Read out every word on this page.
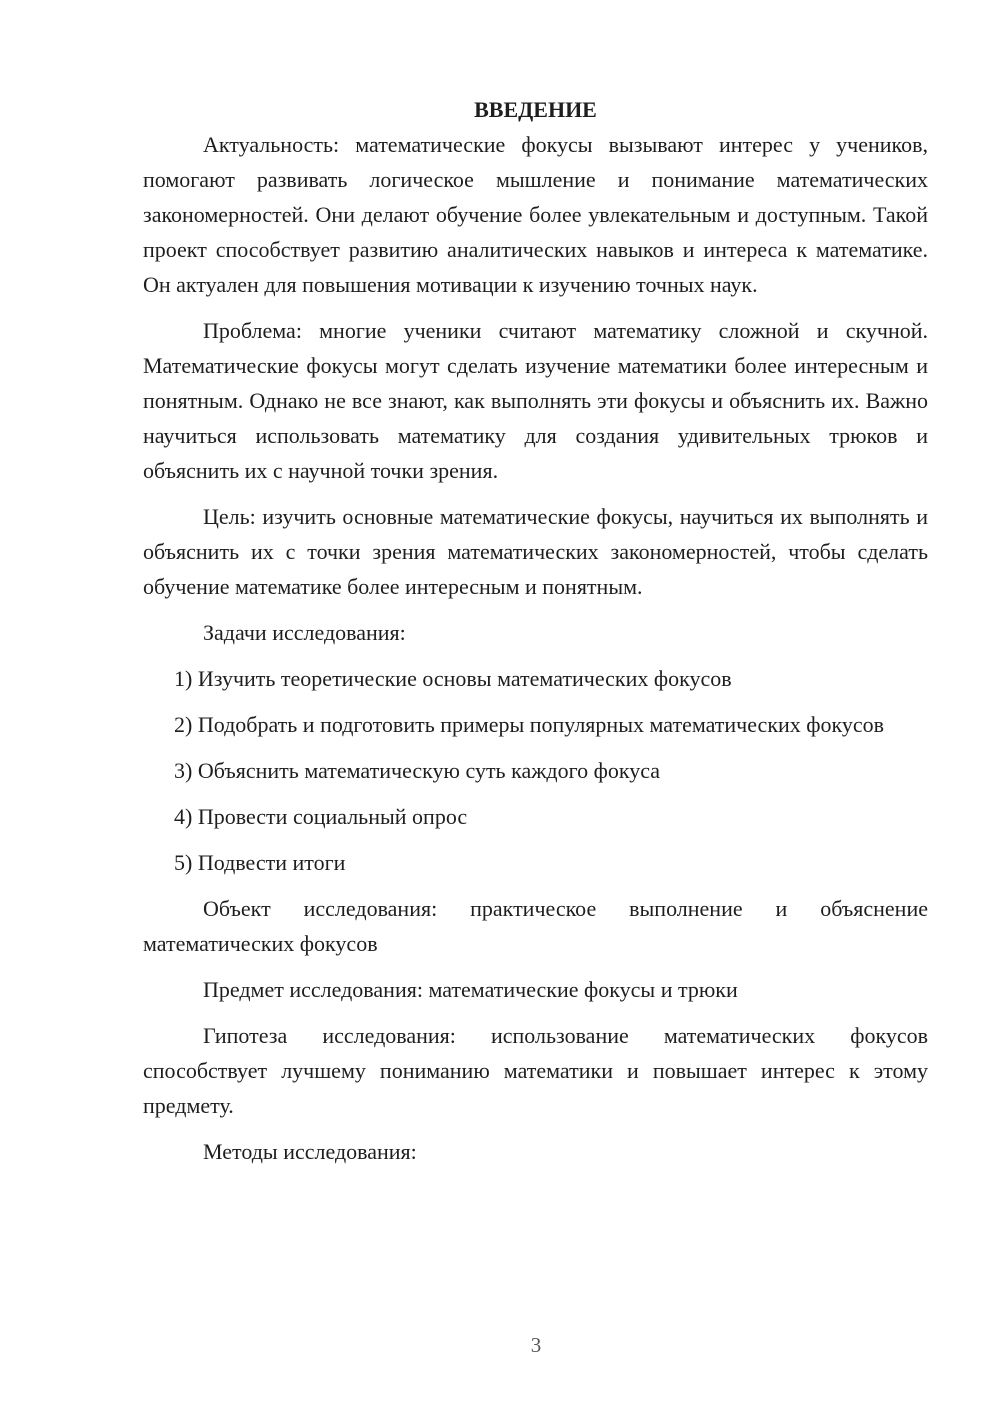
ВВЕДЕНИЕ

Актуальность: математические фокусы вызывают интерес у учеников, помогают развивать логическое мышление и понимание математических закономерностей. Они делают обучение более увлекательным и доступным. Такой проект способствует развитию аналитических навыков и интереса к математике. Он актуален для повышения мотивации к изучению точных наук.

Проблема: многие ученики считают математику сложной и скучной. Математические фокусы могут сделать изучение математики более интересным и понятным. Однако не все знают, как выполнять эти фокусы и объяснить их. Важно научиться использовать математику для создания удивительных трюков и объяснить их с научной точки зрения.

Цель: изучить основные математические фокусы, научиться их выполнять и объяснить их с точки зрения математических закономерностей, чтобы сделать обучение математике более интересным и понятным.

Задачи исследования:

1) Изучить теоретические основы математических фокусов

2) Подобрать и подготовить примеры популярных математических фокусов

3) Объяснить математическую суть каждого фокуса

4) Провести социальный опрос

5) Подвести итоги

Объект исследования: практическое выполнение и объяснение математических фокусов

Предмет исследования: математические фокусы и трюки

Гипотеза исследования: использование математических фокусов способствует лучшему пониманию математики и повышает интерес к этому предмету.

Методы исследования:

3
